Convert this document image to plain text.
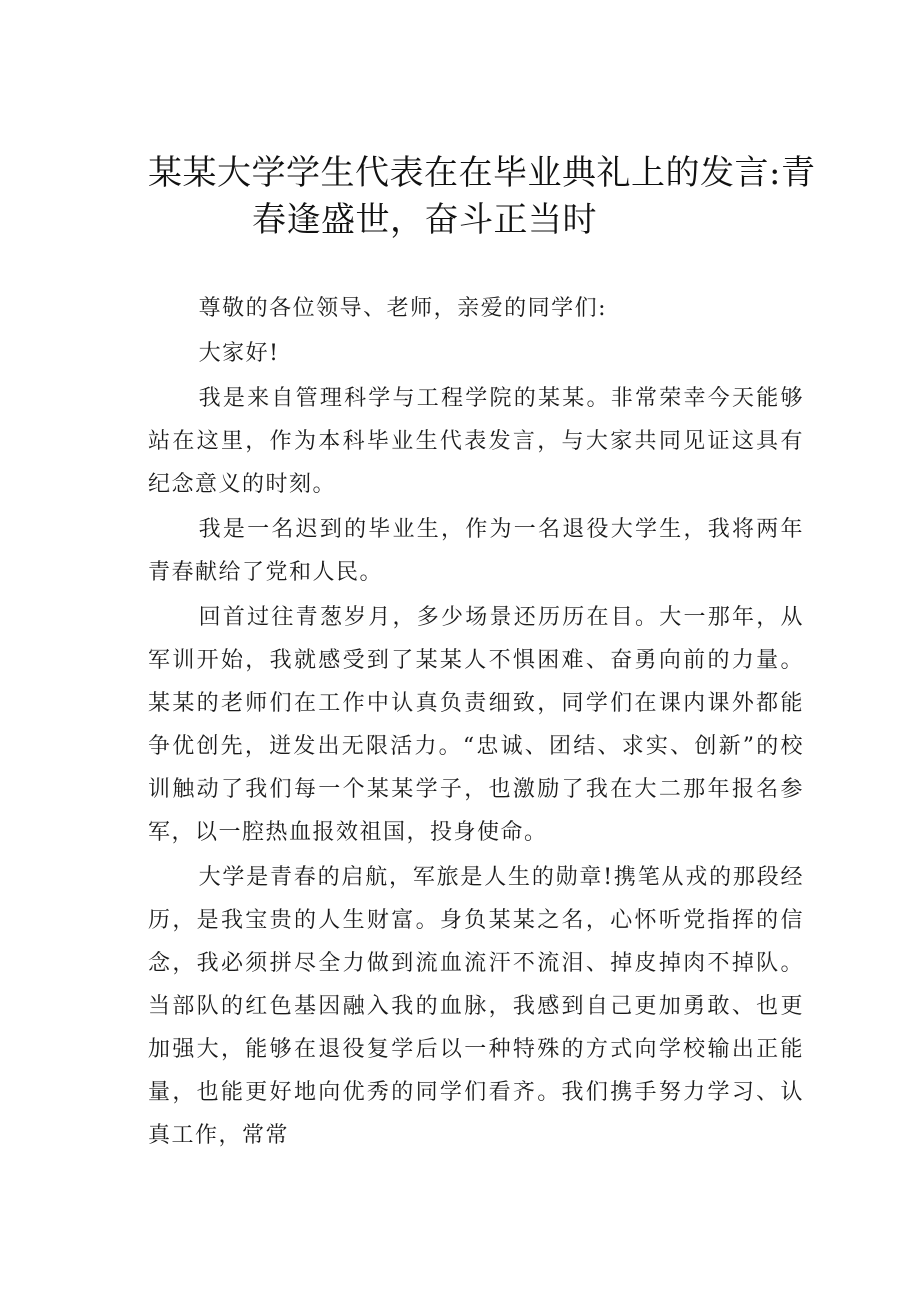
某某大学学生代表在在毕业典礼上的发言:青
春逢盛世，奋斗正当时

尊敬的各位领导、老师，亲爱的同学们:

大家好!

我是来自管理科学与工程学院的某某。非常荣幸今天能够站在这里，作为本科毕业生代表发言，与大家共同见证这具有纪念意义的时刻。

我是一名迟到的毕业生，作为一名退役大学生，我将两年青春献给了党和人民。

回首过往青葱岁月，多少场景还历历在目。大一那年，从军训开始，我就感受到了某某人不惧困难、奋勇向前的力量。某某的老师们在工作中认真负责细致，同学们在课内课外都能争优创先，迸发出无限活力。“忠诚、团结、求实、创新”的校训触动了我们每一个某某学子，也激励了我在大二那年报名参军，以一腔热血报效祖国，投身使命。

大学是青春的启航，军旅是人生的勋章!携笔从戎的那段经历，是我宝贵的人生财富。身负某某之名，心怀听党指挥的信念，我必须拼尽全力做到流血流汗不流泪、掉皮掉肉不掉队。当部队的红色基因融入我的血脉，我感到自己更加勇敢、也更加强大，能够在退役复学后以一种特殊的方式向学校输出正能量，也能更好地向优秀的同学们看齐。我们携手努力学习、认真工作，常常
